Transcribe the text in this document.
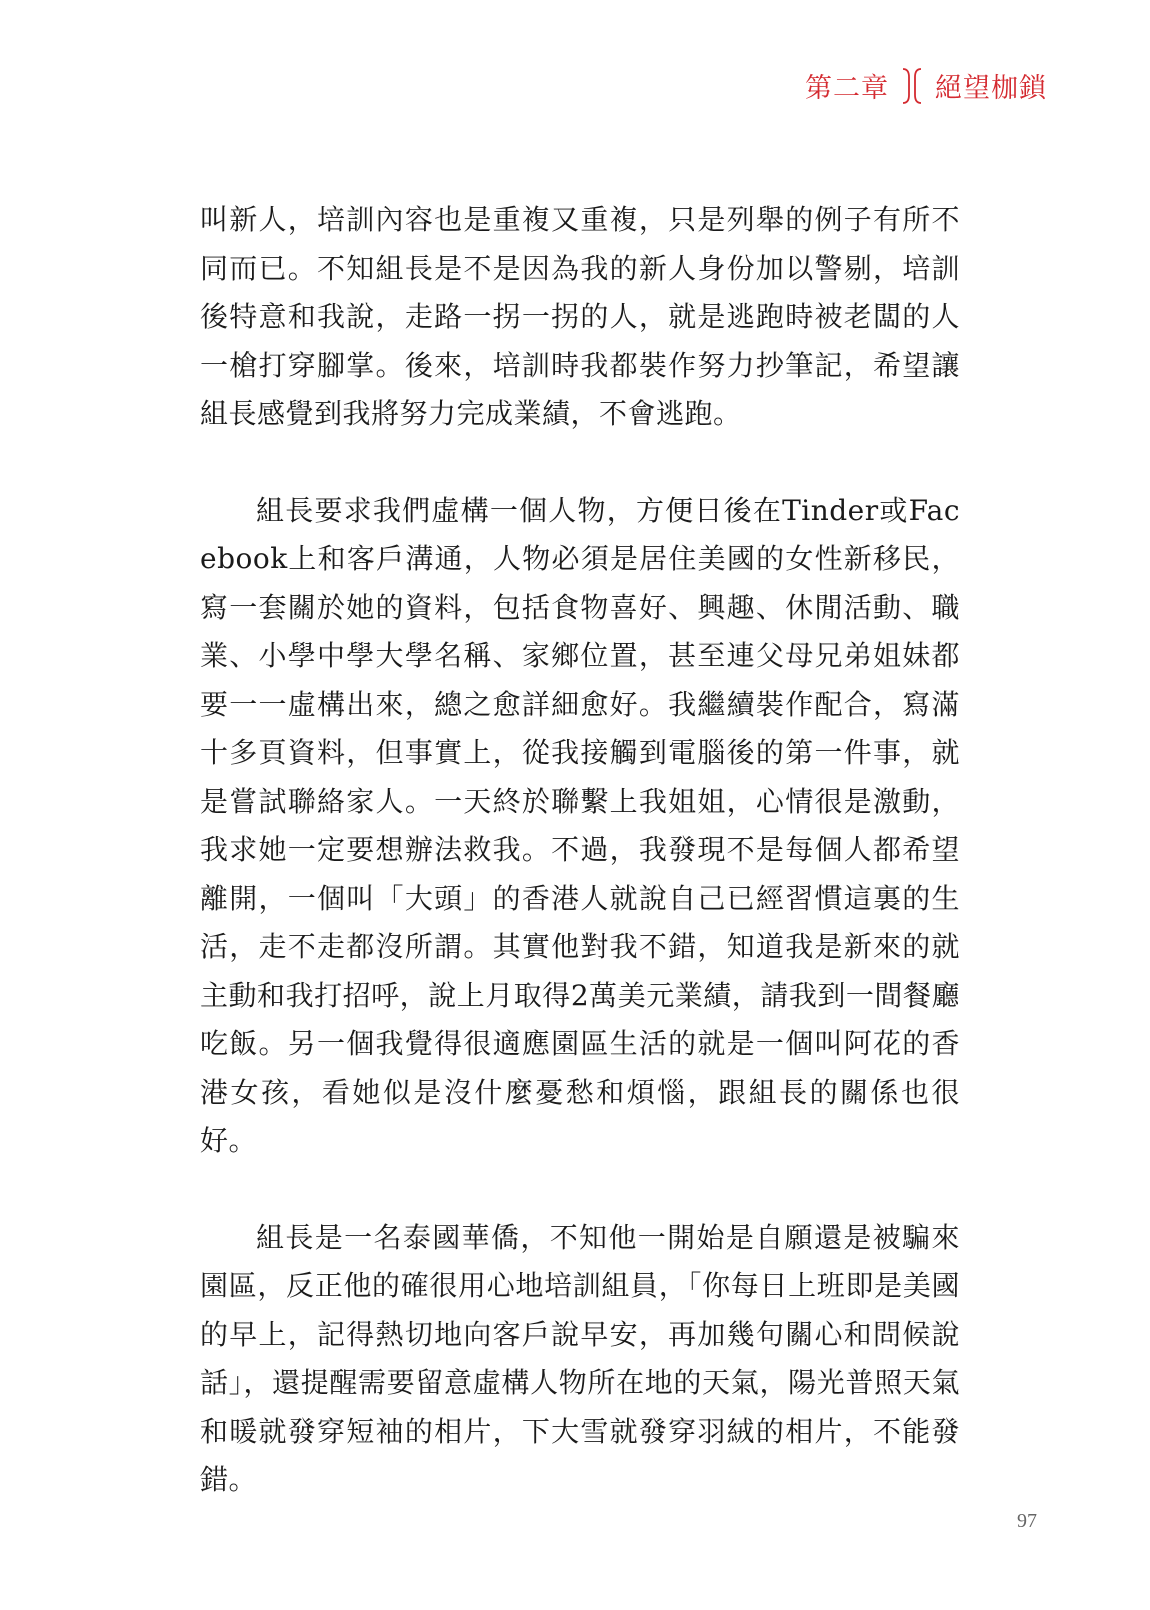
第二章 絕望枷鎖

叫新人，培訓內容也是重複又重複，只是列舉的例子有所不同而已。不知組長是不是因為我的新人身份加以警剔，培訓後特意和我說，走路一拐一拐的人，就是逃跑時被老闆的人一槍打穿腳掌。後來，培訓時我都裝作努力抄筆記，希望讓組長感覺到我將努力完成業績，不會逃跑。

組長要求我們虛構一個人物，方便日後在Tinder或Facebook上和客戶溝通，人物必須是居住美國的女性新移民，寫一套關於她的資料，包括食物喜好、興趣、休閒活動、職業、小學中學大學名稱、家鄉位置，甚至連父母兄弟姐妹都要一一虛構出來，總之愈詳細愈好。我繼續裝作配合，寫滿十多頁資料，但事實上，從我接觸到電腦後的第一件事，就是嘗試聯絡家人。一天終於聯繫上我姐姐，心情很是激動，我求她一定要想辦法救我。不過，我發現不是每個人都希望離開，一個叫「大頭」的香港人就說自己已經習慣這裏的生活，走不走都沒所謂。其實他對我不錯，知道我是新來的就主動和我打招呼，說上月取得2萬美元業績，請我到一間餐廳吃飯。另一個我覺得很適應園區生活的就是一個叫阿花的香港女孩，看她似是沒什麼憂愁和煩惱，跟組長的關係也很好。

組長是一名泰國華僑，不知他一開始是自願還是被騙來園區，反正他的確很用心地培訓組員，「你每日上班即是美國的早上，記得熱切地向客戶說早安，再加幾句關心和問候說話」，還提醒需要留意虛構人物所在地的天氣，陽光普照天氣和暖就發穿短袖的相片，下大雪就發穿羽絨的相片，不能發錯。

97
